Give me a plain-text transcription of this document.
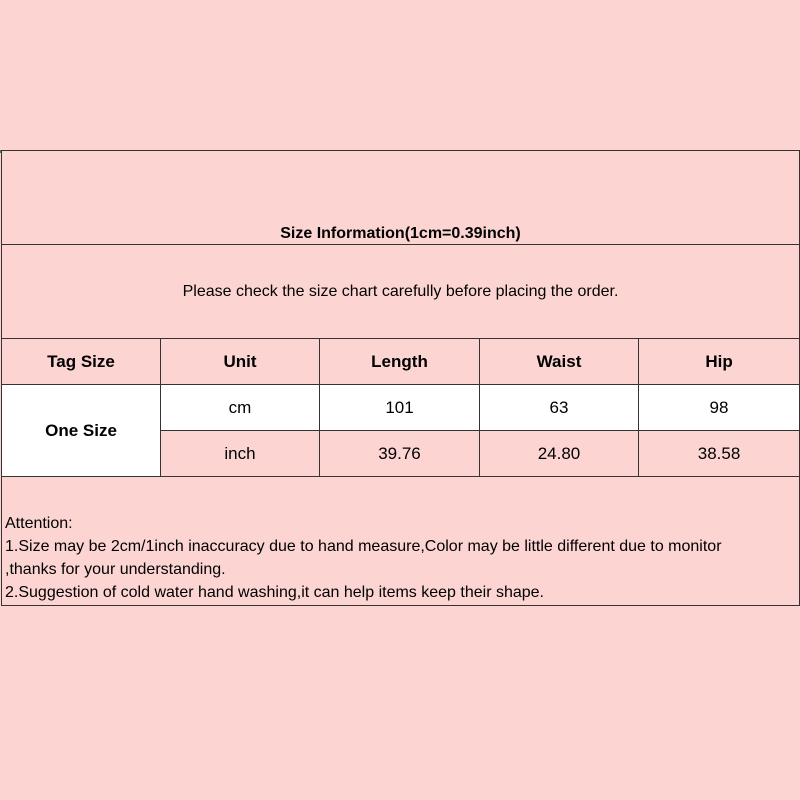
Size Information(1cm=0.39inch)				
Please check the size chart carefully before placing the order.				
Tag Size	Unit	Length	Waist	Hip
One Size	cm	101	63	98
	inch	39.76	24.80	38.58

Attention:
1.Size may be 2cm/1inch inaccuracy due to hand measure,Color may be little different due to monitor
,thanks for your understanding.
2.Suggestion of cold water hand washing,it can help items keep their shape.				
